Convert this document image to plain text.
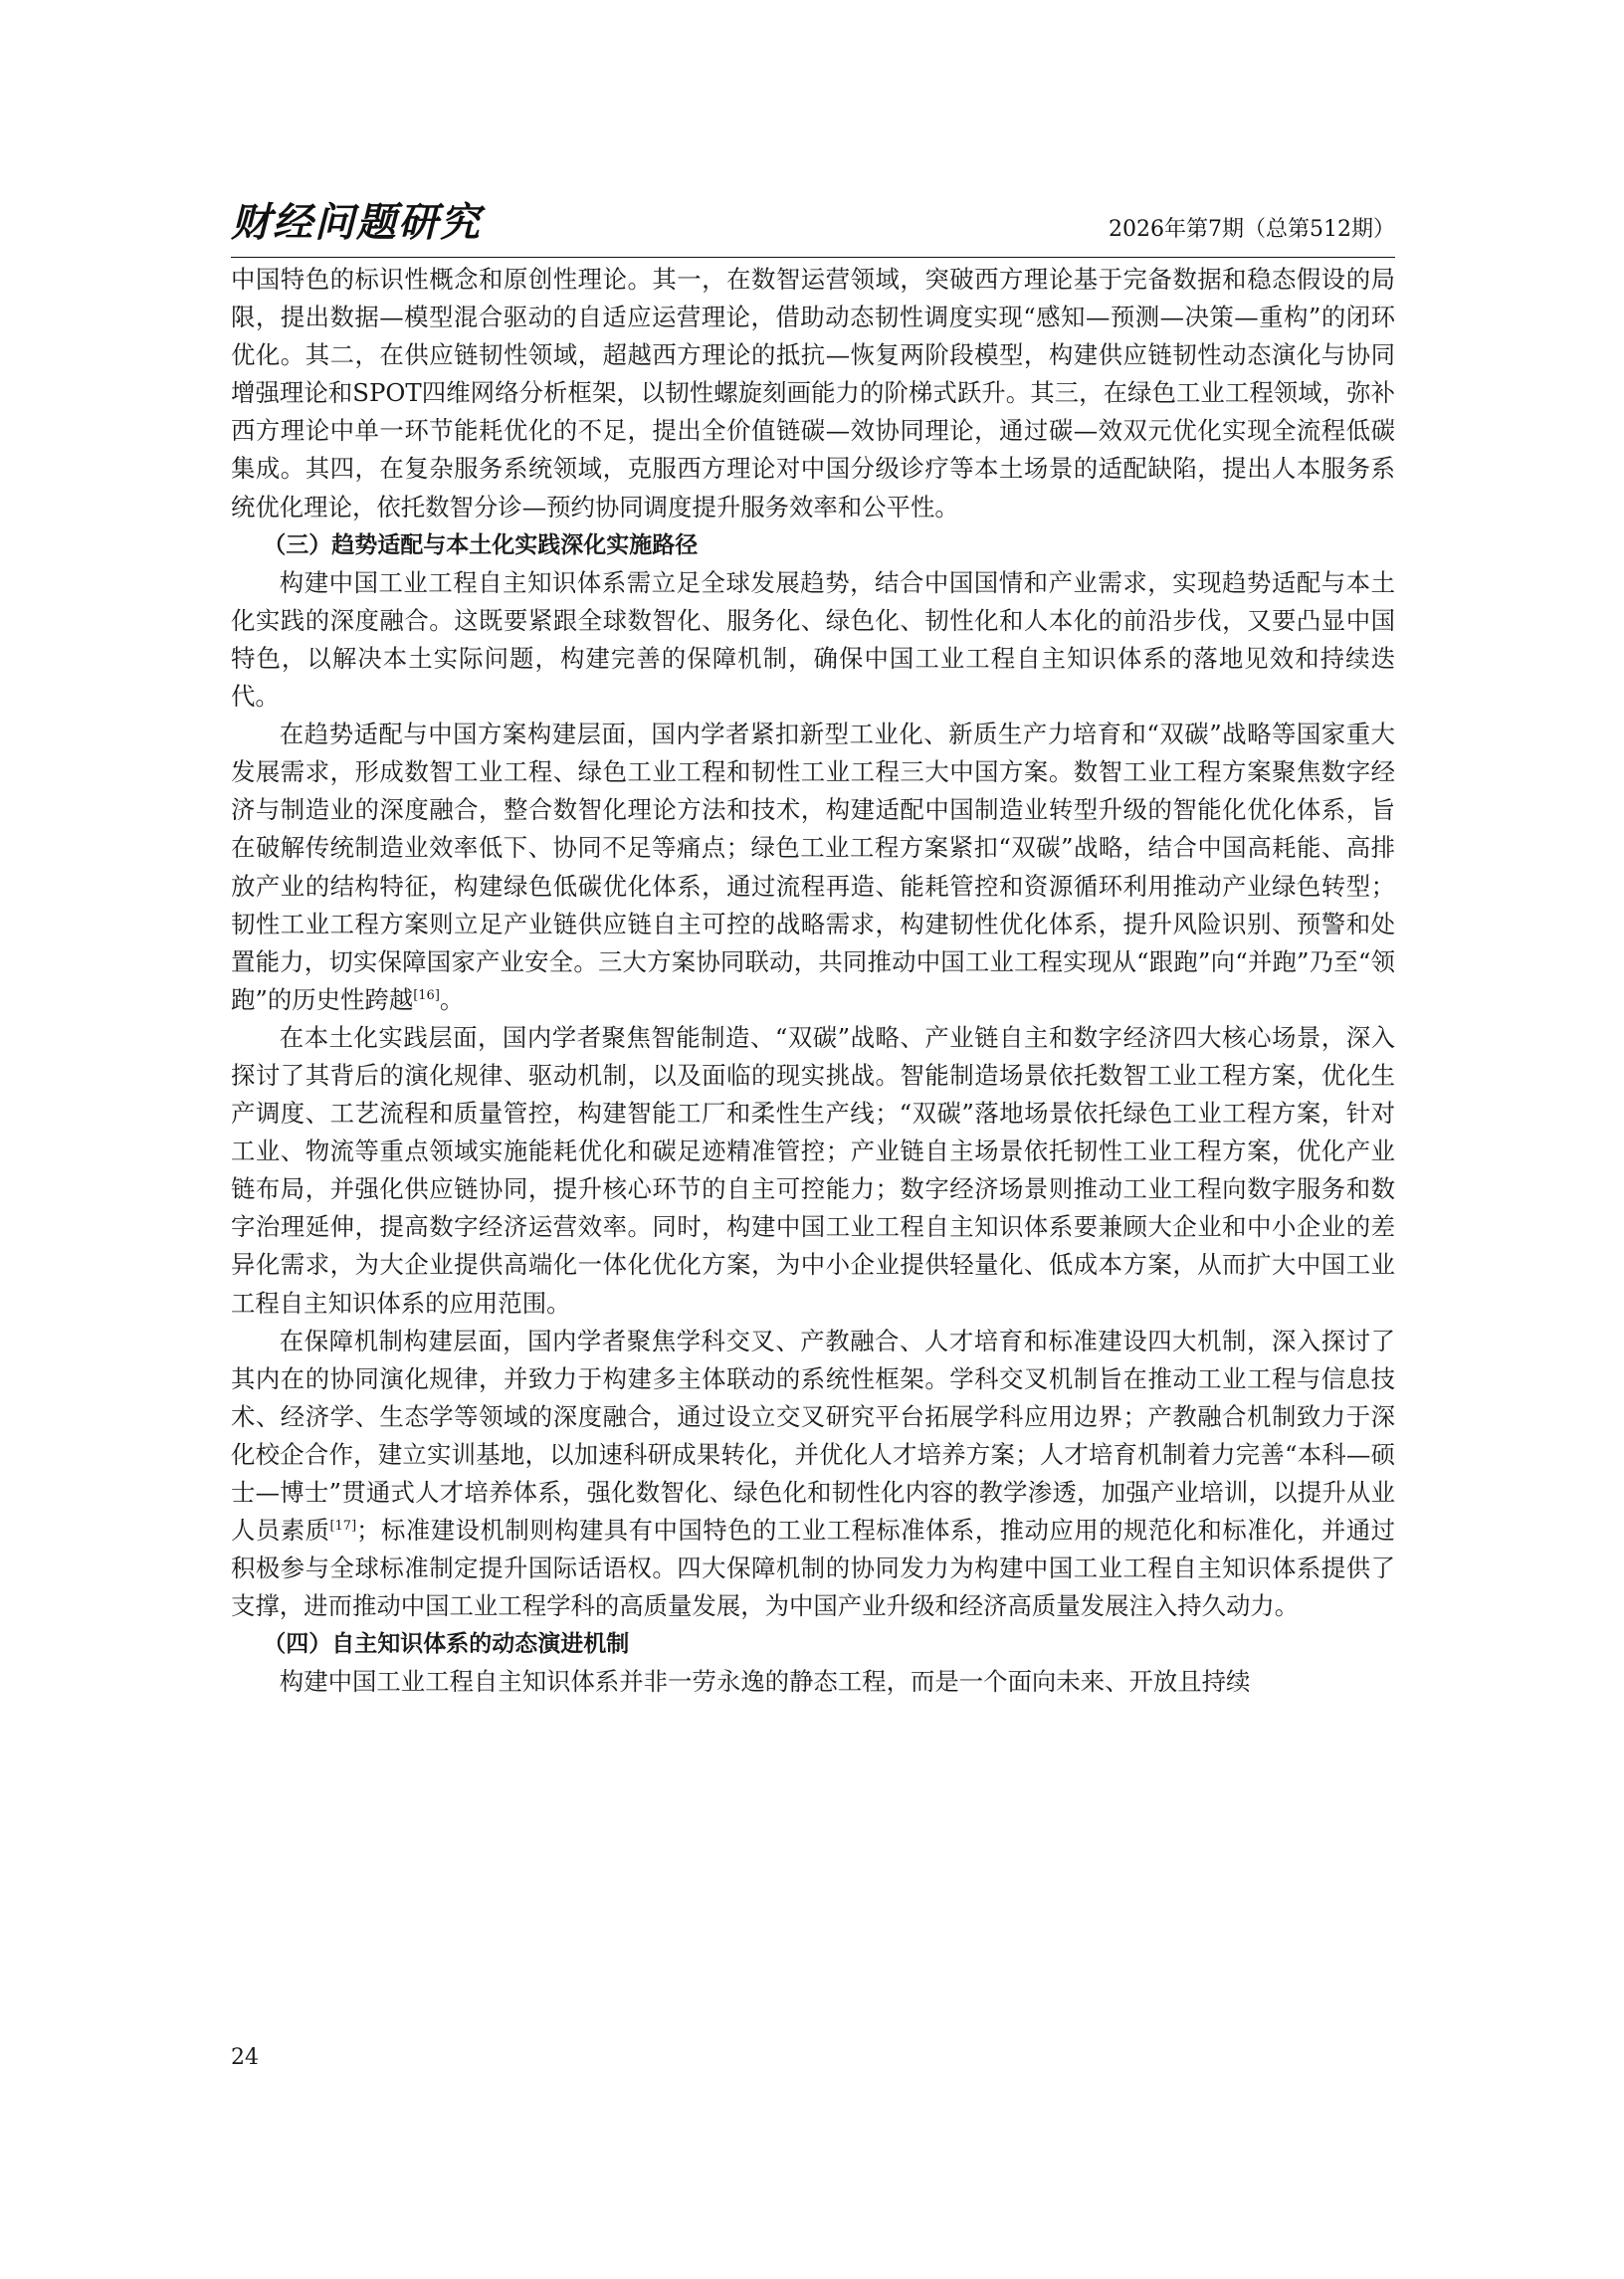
财经问题研究	2026年第7期（总第512期）

中国特色的标识性概念和原创性理论。其一，在数智运营领域，突破西方理论基于完备数据和稳态假设的局限，提出数据—模型混合驱动的自适应运营理论，借助动态韧性调度实现“感知—预测—决策—重构”的闭环优化。其二，在供应链韧性领域，超越西方理论的抵抗—恢复两阶段模型，构建供应链韧性动态演化与协同增强理论和SPOT四维网络分析框架，以韧性螺旋刻画能力的阶梯式跃升。其三，在绿色工业工程领域，弥补西方理论中单一环节能耗优化的不足，提出全价值链碳—效协同理论，通过碳—效双元优化实现全流程低碳集成。其四，在复杂服务系统领域，克服西方理论对中国分级诊疗等本土场景的适配缺陷，提出人本服务系统优化理论，依托数智分诊—预约协同调度提升服务效率和公平性。

（三）趋势适配与本土化实践深化实施路径

构建中国工业工程自主知识体系需立足全球发展趋势，结合中国国情和产业需求，实现趋势适配与本土化实践的深度融合。这既要紧跟全球数智化、服务化、绿色化、韧性化和人本化的前沿步伐，又要凸显中国特色，以解决本土实际问题，构建完善的保障机制，确保中国工业工程自主知识体系的落地见效和持续迭代。

在趋势适配与中国方案构建层面，国内学者紧扣新型工业化、新质生产力培育和“双碳”战略等国家重大发展需求，形成数智工业工程、绿色工业工程和韧性工业工程三大中国方案。数智工业工程方案聚焦数字经济与制造业的深度融合，整合数智化理论方法和技术，构建适配中国制造业转型升级的智能化优化体系，旨在破解传统制造业效率低下、协同不足等痛点；绿色工业工程方案紧扣“双碳”战略，结合中国高耗能、高排放产业的结构特征，构建绿色低碳优化体系，通过流程再造、能耗管控和资源循环利用推动产业绿色转型；韧性工业工程方案则立足产业链供应链自主可控的战略需求，构建韧性优化体系，提升风险识别、预警和处置能力，切实保障国家产业安全。三大方案协同联动，共同推动中国工业工程实现从“跟跑”向“并跑”乃至“领跑”的历史性跨越[16]。

在本土化实践层面，国内学者聚焦智能制造、“双碳”战略、产业链自主和数字经济四大核心场景，深入探讨了其背后的演化规律、驱动机制，以及面临的现实挑战。智能制造场景依托数智工业工程方案，优化生产调度、工艺流程和质量管控，构建智能工厂和柔性生产线；“双碳”落地场景依托绿色工业工程方案，针对工业、物流等重点领域实施能耗优化和碳足迹精准管控；产业链自主场景依托韧性工业工程方案，优化产业链布局，并强化供应链协同，提升核心环节的自主可控能力；数字经济场景则推动工业工程向数字服务和数字治理延伸，提高数字经济运营效率。同时，构建中国工业工程自主知识体系要兼顾大企业和中小企业的差异化需求，为大企业提供高端化一体化优化方案，为中小企业提供轻量化、低成本方案，从而扩大中国工业工程自主知识体系的应用范围。

在保障机制构建层面，国内学者聚焦学科交叉、产教融合、人才培育和标准建设四大机制，深入探讨了其内在的协同演化规律，并致力于构建多主体联动的系统性框架。学科交叉机制旨在推动工业工程与信息技术、经济学、生态学等领域的深度融合，通过设立交叉研究平台拓展学科应用边界；产教融合机制致力于深化校企合作，建立实训基地，以加速科研成果转化，并优化人才培养方案；人才培育机制着力完善“本科—硕士—博士”贯通式人才培养体系，强化数智化、绿色化和韧性化内容的教学渗透，加强产业培训，以提升从业人员素质[17]；标准建设机制则构建具有中国特色的工业工程标准体系，推动应用的规范化和标准化，并通过积极参与全球标准制定提升国际话语权。四大保障机制的协同发力为构建中国工业工程自主知识体系提供了支撑，进而推动中国工业工程学科的高质量发展，为中国产业升级和经济高质量发展注入持久动力。

（四）自主知识体系的动态演进机制

构建中国工业工程自主知识体系并非一劳永逸的静态工程，而是一个面向未来、开放且持续

24
